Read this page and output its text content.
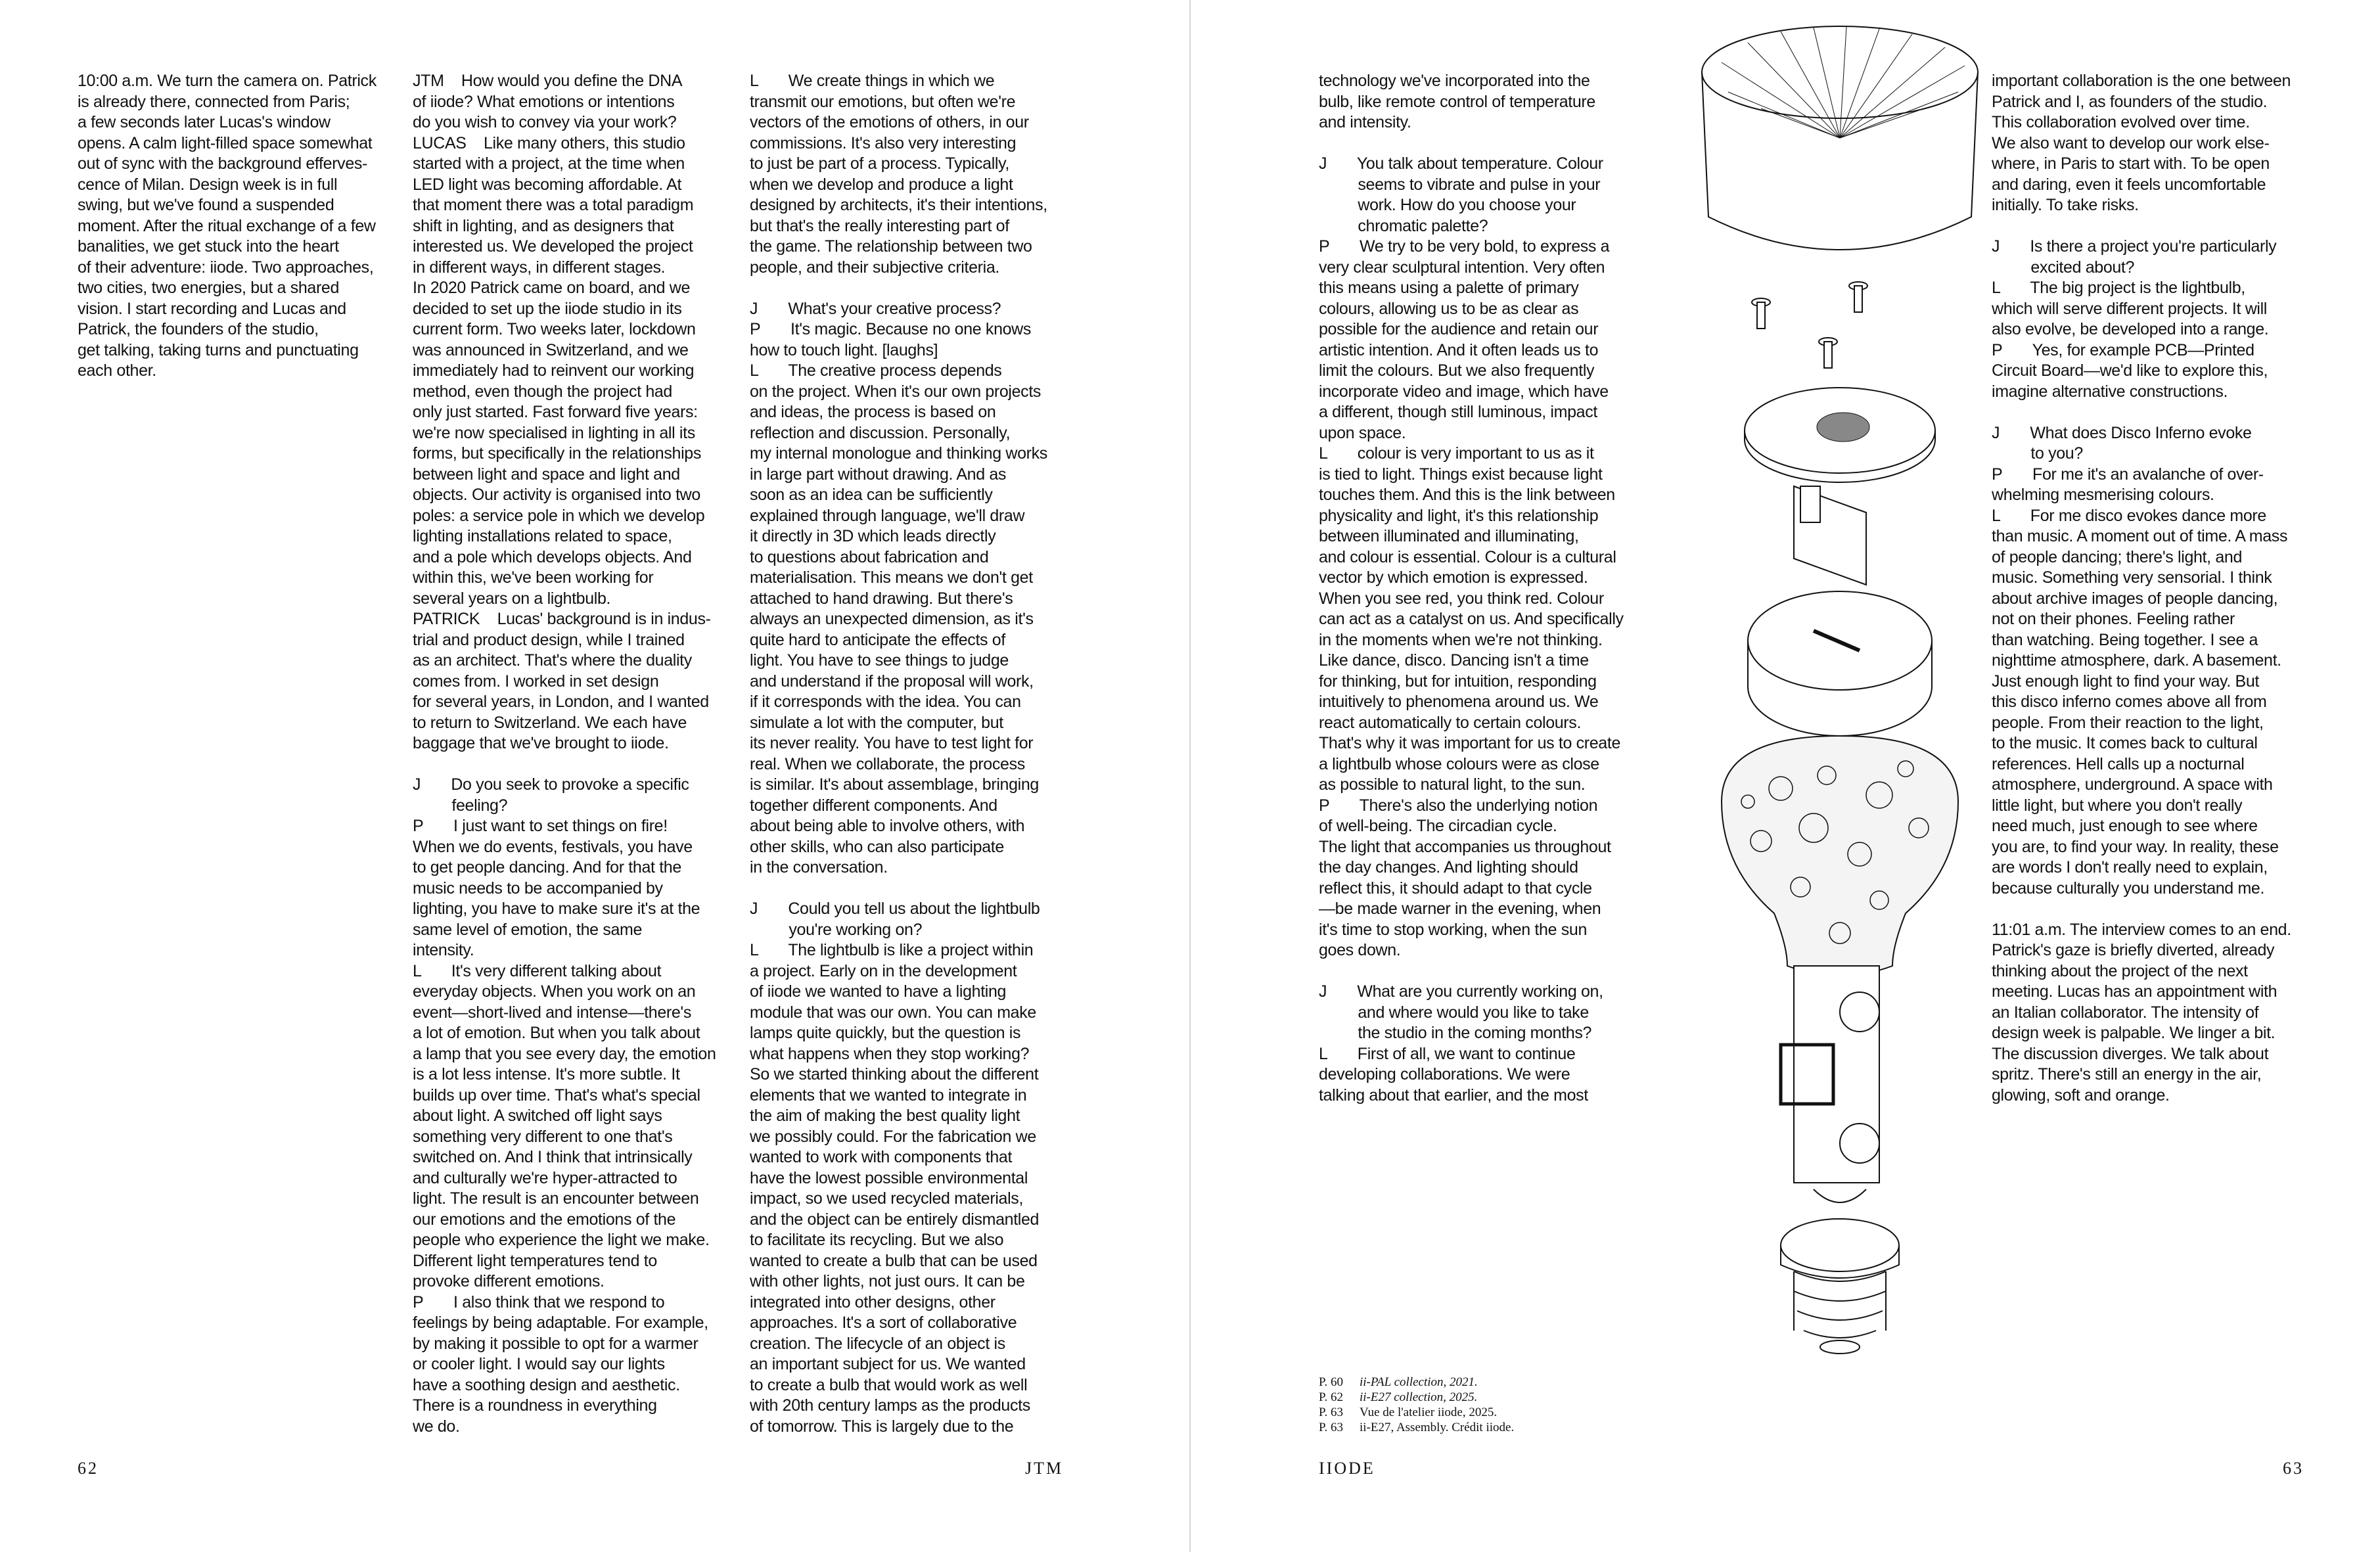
10:00 a.m. We turn the camera on. Patrick
is already there, connected from Paris;
a few seconds later Lucas's window
opens. A calm light-filled space somewhat
out of sync with the background efferves-
cence of Milan. Design week is in full
swing, but we've found a suspended
moment. After the ritual exchange of a few
banalities, we get stuck into the heart
of their adventure: iiode. Two approaches,
two cities, two energies, but a shared
vision. I start recording and Lucas and
Patrick, the founders of the studio,
get talking, taking turns and punctuating
each other.
JTM    How would you define the DNA
of iiode? What emotions or intentions
do you wish to convey via your work?
LUCAS    Like many others, this studio
started with a project, at the time when
LED light was becoming affordable. At
that moment there was a total paradigm
shift in lighting, and as designers that
interested us. We developed the project
in different ways, in different stages.
In 2020 Patrick came on board, and we
decided to set up the iiode studio in its
current form. Two weeks later, lockdown
was announced in Switzerland, and we
immediately had to reinvent our working
method, even though the project had
only just started. Fast forward five years:
we're now specialised in lighting in all its
forms, but specifically in the relationships
between light and space and light and
objects. Our activity is organised into two
poles: a service pole in which we develop
lighting installations related to space,
and a pole which develops objects. And
within this, we've been working for
several years on a lightbulb.
PATRICK    Lucas' background is in indus-
trial and product design, while I trained
as an architect. That's where the duality
comes from. I worked in set design
for several years, in London, and I wanted
to return to Switzerland. We each have
baggage that we've brought to iiode.

J       Do you seek to provoke a specific
feeling?
P       I just want to set things on fire!
When we do events, festivals, you have
to get people dancing. And for that the
music needs to be accompanied by
lighting, you have to make sure it's at the
same level of emotion, the same
intensity.
L       It's very different talking about
everyday objects. When you work on an
event—short-lived and intense—there's
a lot of emotion. But when you talk about
a lamp that you see every day, the emotion
is a lot less intense. It's more subtle. It
builds up over time. That's what's special
about light. A switched off light says
something very different to one that's
switched on. And I think that intrinsically
and culturally we're hyper-attracted to
light. The result is an encounter between
our emotions and the emotions of the
people who experience the light we make.
Different light temperatures tend to
provoke different emotions.
P       I also think that we respond to
feelings by being adaptable. For example,
by making it possible to opt for a warmer
or cooler light. I would say our lights
have a soothing design and aesthetic.
There is a roundness in everything
we do.
L       We create things in which we
transmit our emotions, but often we're
vectors of the emotions of others, in our
commissions. It's also very interesting
to just be part of a process. Typically,
when we develop and produce a light
designed by architects, it's their intentions,
but that's the really interesting part of
the game. The relationship between two
people, and their subjective criteria.

J       What's your creative process?
P       It's magic. Because no one knows
how to touch light. [laughs]
L       The creative process depends
on the project. When it's our own projects
and ideas, the process is based on
reflection and discussion. Personally,
my internal monologue and thinking works
in large part without drawing. And as
soon as an idea can be sufficiently
explained through language, we'll draw
it directly in 3D which leads directly
to questions about fabrication and
materialisation. This means we don't get
attached to hand drawing. But there's
always an unexpected dimension, as it's
quite hard to anticipate the effects of
light. You have to see things to judge
and understand if the proposal will work,
if it corresponds with the idea. You can
simulate a lot with the computer, but
its never reality. You have to test light for
real. When we collaborate, the process
is similar. It's about assemblage, bringing
together different components. And
about being able to involve others, with
other skills, who can also participate
in the conversation.

J       Could you tell us about the lightbulb
you're working on?
L       The lightbulb is like a project within
a project. Early on in the development
of iiode we wanted to have a lighting
module that was our own. You can make
lamps quite quickly, but the question is
what happens when they stop working?
So we started thinking about the different
elements that we wanted to integrate in
the aim of making the best quality light
we possibly could. For the fabrication we
wanted to work with components that
have the lowest possible environmental
impact, so we used recycled materials,
and the object can be entirely dismantled
to facilitate its recycling. But we also
wanted to create a bulb that can be used
with other lights, not just ours. It can be
integrated into other designs, other
approaches. It's a sort of collaborative
creation. The lifecycle of an object is
an important subject for us. We wanted
to create a bulb that would work as well
with 20th century lamps as the products
of tomorrow. This is largely due to the
technology we've incorporated into the
bulb, like remote control of temperature
and intensity.

J       You talk about temperature. Colour
seems to vibrate and pulse in your
work. How do you choose your
chromatic palette?
P       We try to be very bold, to express a
very clear sculptural intention. Very often
this means using a palette of primary
colours, allowing us to be as clear as
possible for the audience and retain our
artistic intention. And it often leads us to
limit the colours. But we also frequently
incorporate video and image, which have
a different, though still luminous, impact
upon space.
L       colour is very important to us as it
is tied to light. Things exist because light
touches them. And this is the link between
physicality and light, it's this relationship
between illuminated and illuminating,
and colour is essential. Colour is a cultural
vector by which emotion is expressed.
When you see red, you think red. Colour
can act as a catalyst on us. And specifically
in the moments when we're not thinking.
Like dance, disco. Dancing isn't a time
for thinking, but for intuition, responding
intuitively to phenomena around us. We
react automatically to certain colours.
That's why it was important for us to create
a lightbulb whose colours were as close
as possible to natural light, to the sun.
P       There's also the underlying notion
of well-being. The circadian cycle.
The light that accompanies us throughout
the day changes. And lighting should
reflect this, it should adapt to that cycle
—be made warner in the evening, when
it's time to stop working, when the sun
goes down.

J       What are you currently working on,
and where would you like to take
the studio in the coming months?
L       First of all, we want to continue
developing collaborations. We were
talking about that earlier, and the most
important collaboration is the one between
Patrick and I, as founders of the studio.
This collaboration evolved over time.
We also want to develop our work else-
where, in Paris to start with. To be open
and daring, even it feels uncomfortable
initially. To take risks.

J       Is there a project you're particularly
excited about?
L       The big project is the lightbulb,
which will serve different projects. It will
also evolve, be developed into a range.
P       Yes, for example PCB—Printed
Circuit Board—we'd like to explore this,
imagine alternative constructions.

J       What does Disco Inferno evoke
to you?
P       For me it's an avalanche of over-
whelming mesmerising colours.
L       For me disco evokes dance more
than music. A moment out of time. A mass
of people dancing; there's light, and
music. Something very sensorial. I think
about archive images of people dancing,
not on their phones. Feeling rather
than watching. Being together. I see a
nighttime atmosphere, dark. A basement.
Just enough light to find your way. But
this disco inferno comes above all from
people. From their reaction to the light,
to the music. It comes back to cultural
references. Hell calls up a nocturnal
atmosphere, underground. A space with
little light, but where you don't really
need much, just enough to see where
you are, to find your way. In reality, these
are words I don't really need to explain,
because culturally you understand me.

11:01 a.m. The interview comes to an end.
Patrick's gaze is briefly diverted, already
thinking about the project of the next
meeting. Lucas has an appointment with
an Italian collaborator. The intensity of
design week is palpable. We linger a bit.
The discussion diverges. We talk about
spritz. There's still an energy in the air,
glowing, soft and orange.
P. 60 ii-PAL collection, 2021.
P. 62 ii-E27 collection, 2025.
P. 63 Vue de l'atelier iiode, 2025.
P. 63 ii-E27, Assembly. Crédit iiode.
62	JTM	IIODE	63
